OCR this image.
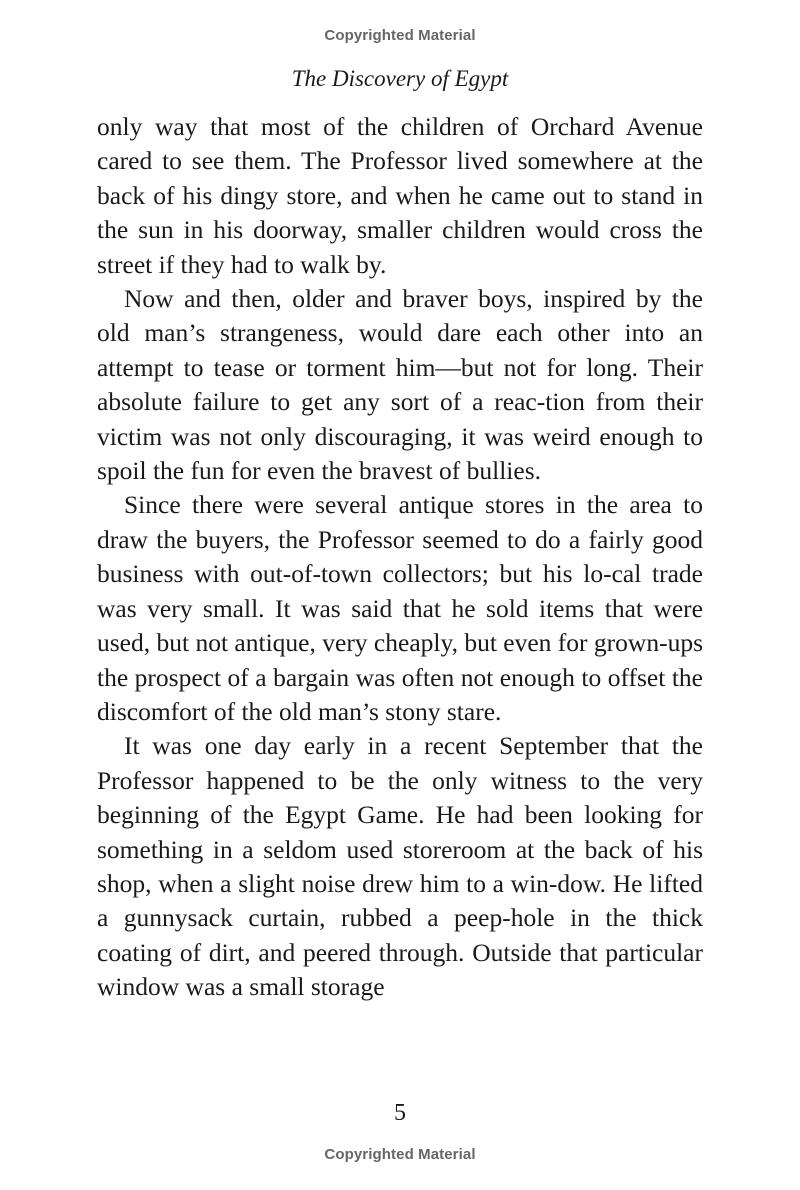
Copyrighted Material
The Discovery of Egypt

only way that most of the children of Orchard Avenue cared to see them. The Professor lived somewhere at the back of his dingy store, and when he came out to stand in the sun in his doorway, smaller children would cross the street if they had to walk by.

Now and then, older and braver boys, inspired by the old man’s strangeness, would dare each other into an attempt to tease or torment him—but not for long. Their absolute failure to get any sort of a reac-tion from their victim was not only discouraging, it was weird enough to spoil the fun for even the bravest of bullies.

Since there were several antique stores in the area to draw the buyers, the Professor seemed to do a fairly good business with out-of-town collectors; but his lo-cal trade was very small. It was said that he sold items that were used, but not antique, very cheaply, but even for grown-ups the prospect of a bargain was often not enough to offset the discomfort of the old man’s stony stare.

It was one day early in a recent September that the Professor happened to be the only witness to the very beginning of the Egypt Game. He had been looking for something in a seldom used storeroom at the back of his shop, when a slight noise drew him to a win-dow. He lifted a gunnysack curtain, rubbed a peep-hole in the thick coating of dirt, and peered through. Outside that particular window was a small storage

5
Copyrighted Material
